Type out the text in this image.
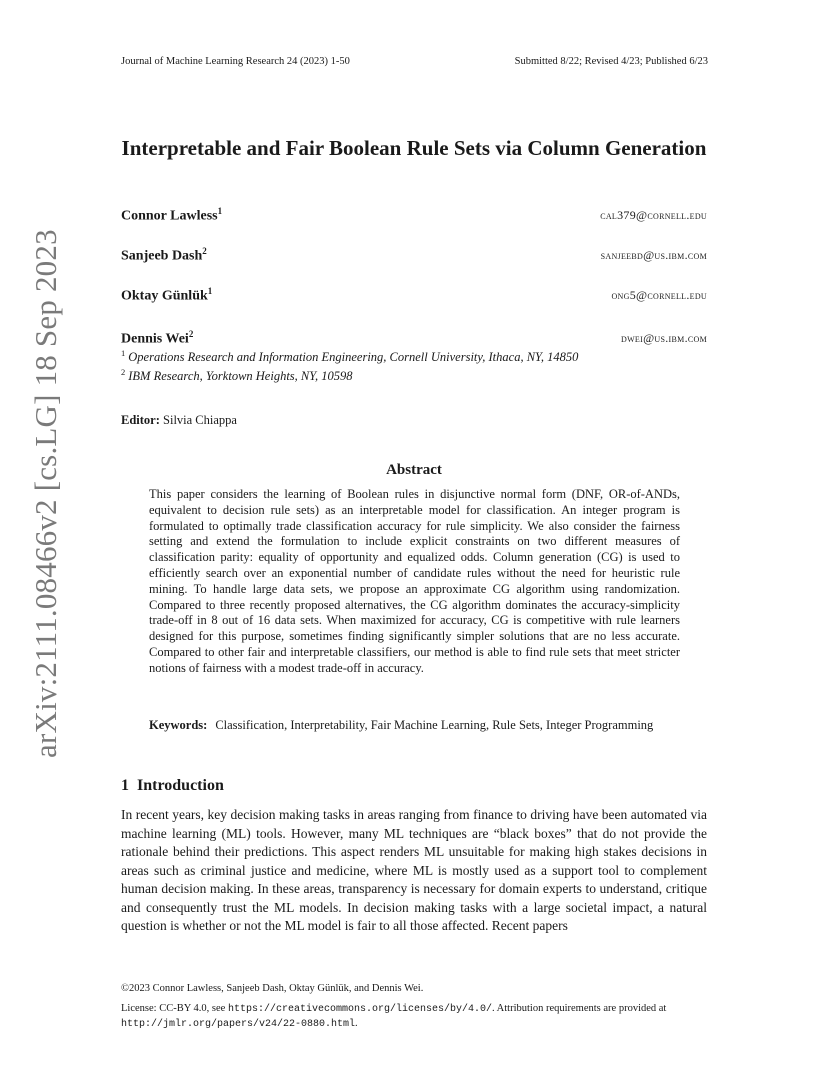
Journal of Machine Learning Research 24 (2023) 1-50	Submitted 8/22; Revised 4/23; Published 6/23
arXiv:2111.08466v2 [cs.LG] 18 Sep 2023
Interpretable and Fair Boolean Rule Sets via Column Generation
Connor Lawless$^1$	cal379@cornell.edu
Sanjeeb Dash$^2$	sanjeebd@us.ibm.com
Oktay Günlük$^1$	ong5@cornell.edu
Dennis Wei$^2$	dwei@us.ibm.com
$^1$ Operations Research and Information Engineering, Cornell University, Ithaca, NY, 14850
$^2$ IBM Research, Yorktown Heights, NY, 10598
Editor: Silvia Chiappa
Abstract
This paper considers the learning of Boolean rules in disjunctive normal form (DNF, OR-of-ANDs, equivalent to decision rule sets) as an interpretable model for classification. An integer program is formulated to optimally trade classification accuracy for rule simplicity. We also consider the fairness setting and extend the formulation to include explicit constraints on two different measures of classification parity: equality of opportunity and equalized odds. Column generation (CG) is used to efficiently search over an exponential number of candidate rules without the need for heuristic rule mining. To handle large data sets, we propose an approximate CG algorithm using randomization. Compared to three recently proposed alternatives, the CG algorithm dominates the accuracy-simplicity trade-off in 8 out of 16 data sets. When maximized for accuracy, CG is competitive with rule learners designed for this purpose, sometimes finding significantly simpler solutions that are no less accurate. Compared to other fair and interpretable classifiers, our method is able to find rule sets that meet stricter notions of fairness with a modest trade-off in accuracy.
Keywords: Classification, Interpretability, Fair Machine Learning, Rule Sets, Integer Programming
1 Introduction
In recent years, key decision making tasks in areas ranging from finance to driving have been automated via machine learning (ML) tools. However, many ML techniques are “black boxes” that do not provide the rationale behind their predictions. This aspect renders ML unsuitable for making high stakes decisions in areas such as criminal justice and medicine, where ML is mostly used as a support tool to complement human decision making. In these areas, transparency is necessary for domain experts to understand, critique and consequently trust the ML models. In decision making tasks with a large societal impact, a natural question is whether or not the ML model is fair to all those affected. Recent papers
©2023 Connor Lawless, Sanjeeb Dash, Oktay Günlük, and Dennis Wei.
License: CC-BY 4.0, see https://creativecommons.org/licenses/by/4.0/. Attribution requirements are provided at http://jmlr.org/papers/v24/22-0880.html.
